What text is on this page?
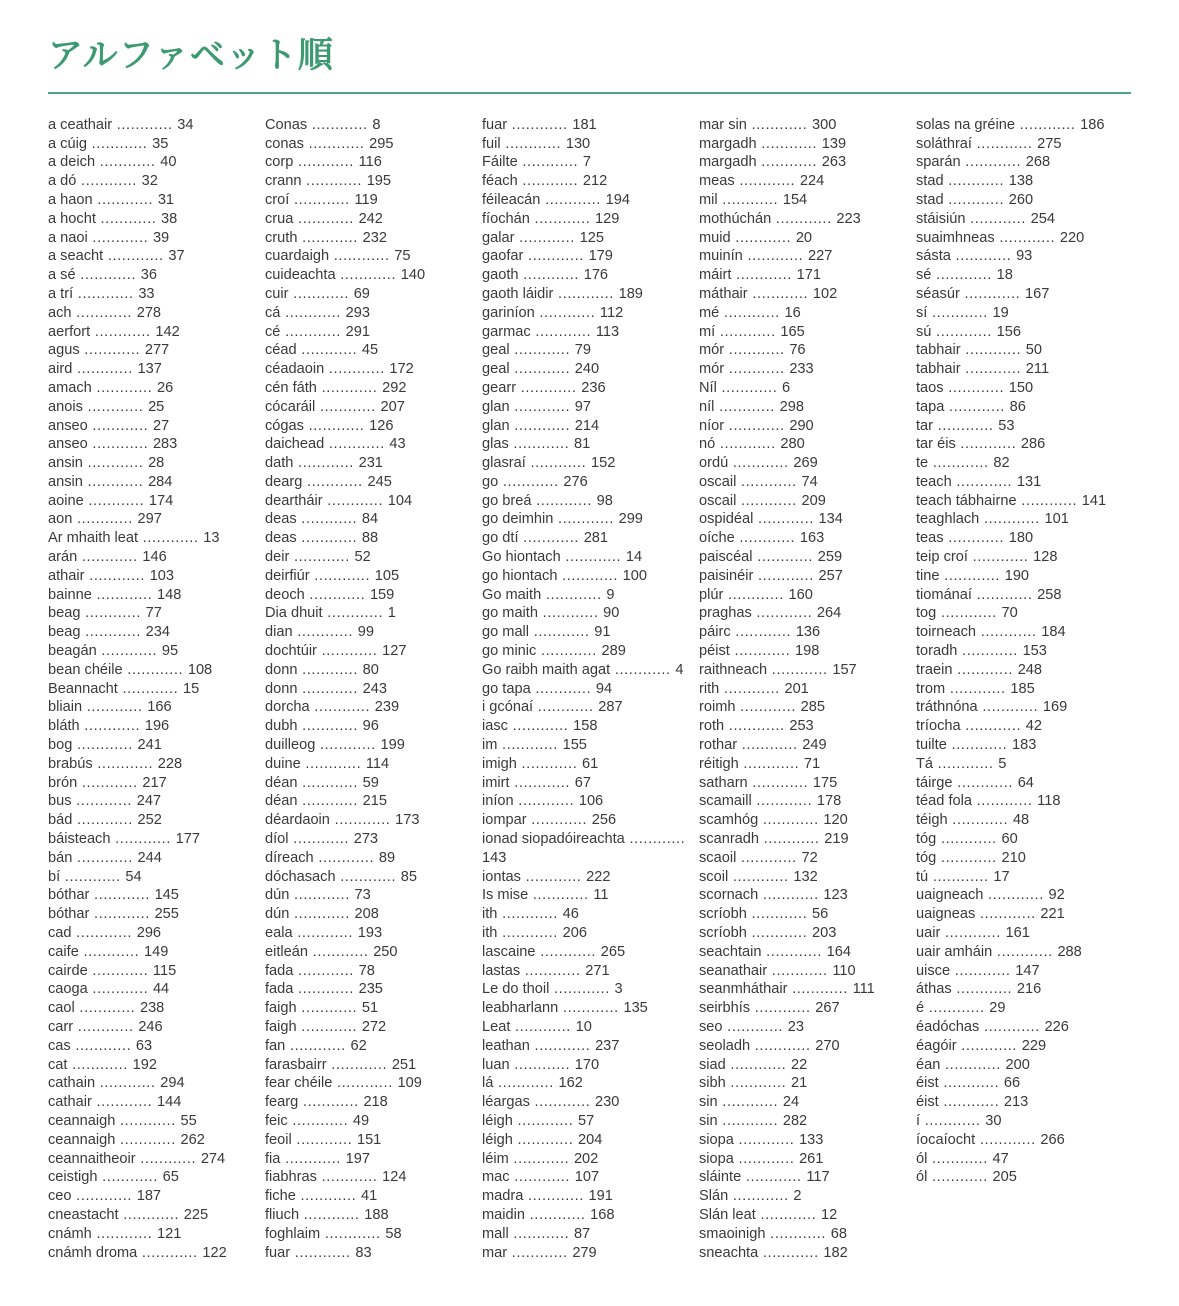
アルファベット順
a ceathair ............ 34
a cúig ............ 35
a deich ............ 40
a dó ............ 32
a haon ............ 31
a hocht ............ 38
a naoi ............ 39
a seacht ............ 37
a sé ............ 36
a trí ............ 33
ach ............ 278
aerfort ............ 142
agus ............ 277
aird ............ 137
amach ............ 26
anois ............ 25
anseo ............ 27
anseo ............ 283
ansin ............ 28
ansin ............ 284
aoine ............ 174
aon ............ 297
Ar mhaith leat ............ 13
arán ............ 146
athair ............ 103
bainne ............ 148
beag ............ 77
beag ............ 234
beagán ............ 95
bean chéile ............ 108
Beannacht ............ 15
bliain ............ 166
bláth ............ 196
bog ............ 241
brabús ............ 228
brón ............ 217
bus ............ 247
bád ............ 252
báisteach ............ 177
bán ............ 244
bí ............ 54
bóthar ............ 145
bóthar ............ 255
cad ............ 296
caife ............ 149
cairde ............ 115
caoga ............ 44
caol ............ 238
carr ............ 246
cas ............ 63
cat ............ 192
cathain ............ 294
cathair ............ 144
ceannaigh ............ 55
ceannaigh ............ 262
ceannaitheoir ............ 274
ceistigh ............ 65
ceo ............ 187
cneastacht ............ 225
cnámh ............ 121
cnámh droma ............ 122
Conas ............ 8
conas ............ 295
corp ............ 116
crann ............ 195
croí ............ 119
crua ............ 242
cruth ............ 232
cuardaigh ............ 75
cuideachta ............ 140
cuir ............ 69
cá ............ 293
cé ............ 291
céad ............ 45
céadaoin ............ 172
cén fáth ............ 292
cócaráil ............ 207
cógas ............ 126
daichead ............ 43
dath ............ 231
dearg ............ 245
deartháir ............ 104
deas ............ 84
deas ............ 88
deir ............ 52
deirfiúr ............ 105
deoch ............ 159
Dia dhuit ............ 1
dian ............ 99
dochtúir ............ 127
donn ............ 80
donn ............ 243
dorcha ............ 239
dubh ............ 96
duilleog ............ 199
duine ............ 114
déan ............ 59
déan ............ 215
déardaoin ............ 173
díol ............ 273
díreach ............ 89
dóchasach ............ 85
dún ............ 73
dún ............ 208
eala ............ 193
eitleán ............ 250
fada ............ 78
fada ............ 235
faigh ............ 51
faigh ............ 272
fan ............ 62
farasbairr ............ 251
fear chéile ............ 109
fearg ............ 218
feic ............ 49
feoil ............ 151
fia ............ 197
fiabhras ............ 124
fiche ............ 41
fliuch ............ 188
foghlaim ............ 58
fuar ............ 83
fuar ............ 181
fuil ............ 130
Fáilte ............ 7
féach ............ 212
féileacán ............ 194
fíochán ............ 129
galar ............ 125
gaofar ............ 179
gaoth ............ 176
gaoth láidir ............ 189
gariníon ............ 112
garmac ............ 113
geal ............ 79
geal ............ 240
gearr ............ 236
glan ............ 97
glan ............ 214
glas ............ 81
glasraí ............ 152
go ............ 276
go breá ............ 98
go deimhin ............ 299
go dtí ............ 281
Go hiontach ............ 14
go hiontach ............ 100
Go maith ............ 9
go maith ............ 90
go mall ............ 91
go minic ............ 289
Go raibh maith agat ............ 4
go tapa ............ 94
i gcónaí ............ 287
iasc ............ 158
im ............ 155
imigh ............ 61
imirt ............ 67
iníon ............ 106
iompar ............ 256
ionad siopadóireachta ............ 143
iontas ............ 222
Is mise ............ 11
ith ............ 46
ith ............ 206
lascaine ............ 265
lastas ............ 271
Le do thoil ............ 3
leabharlann ............ 135
Leat ............ 10
leathan ............ 237
luan ............ 170
lá ............ 162
léargas ............ 230
léigh ............ 57
léigh ............ 204
léim ............ 202
mac ............ 107
madra ............ 191
maidin ............ 168
mall ............ 87
mar ............ 279
mar sin ............ 300
margadh ............ 139
margadh ............ 263
meas ............ 224
mil ............ 154
mothúchán ............ 223
muid ............ 20
muinín ............ 227
máirt ............ 171
máthair ............ 102
mé ............ 16
mí ............ 165
mór ............ 76
mór ............ 233
Níl ............ 6
níl ............ 298
níor ............ 290
nó ............ 280
ordú ............ 269
oscail ............ 74
oscail ............ 209
ospidéal ............ 134
oíche ............ 163
paiscéal ............ 259
paisinéir ............ 257
plúr ............ 160
praghas ............ 264
páirc ............ 136
péist ............ 198
raithneach ............ 157
rith ............ 201
roimh ............ 285
roth ............ 253
rothar ............ 249
réitigh ............ 71
satharn ............ 175
scamaill ............ 178
scamhóg ............ 120
scanradh ............ 219
scaoil ............ 72
scoil ............ 132
scornach ............ 123
scríobh ............ 56
scríobh ............ 203
seachtain ............ 164
seanathair ............ 110
seanmháthair ............ 111
seirbhís ............ 267
seo ............ 23
seoladh ............ 270
siad ............ 22
sibh ............ 21
sin ............ 24
sin ............ 282
siopa ............ 133
siopa ............ 261
sláinte ............ 117
Slán ............ 2
Slán leat ............ 12
smaoinigh ............ 68
sneachta ............ 182
solas na gréine ............ 186
soláthraí ............ 275
sparán ............ 268
stad ............ 138
stad ............ 260
stáisiún ............ 254
suaimhneas ............ 220
sásta ............ 93
sé ............ 18
séasúr ............ 167
sí ............ 19
sú ............ 156
tabhair ............ 50
tabhair ............ 211
taos ............ 150
tapa ............ 86
tar ............ 53
tar éis ............ 286
te ............ 82
teach ............ 131
teach tábhairne ............ 141
teaghlach ............ 101
teas ............ 180
teip croí ............ 128
tine ............ 190
tiománaí ............ 258
tog ............ 70
toirneach ............ 184
toradh ............ 153
traein ............ 248
trom ............ 185
tráthnóna ............ 169
tríocha ............ 42
tuilte ............ 183
Tá ............ 5
táirge ............ 64
téad fola ............ 118
téigh ............ 48
tóg ............ 60
tóg ............ 210
tú ............ 17
uaigneach ............ 92
uaigneas ............ 221
uair ............ 161
uair amháin ............ 288
uisce ............ 147
áthas ............ 216
é ............ 29
éadóchas ............ 226
éagóir ............ 229
éan ............ 200
éist ............ 66
éist ............ 213
í ............ 30
íocaíocht ............ 266
ól ............ 47
ól ............ 205
